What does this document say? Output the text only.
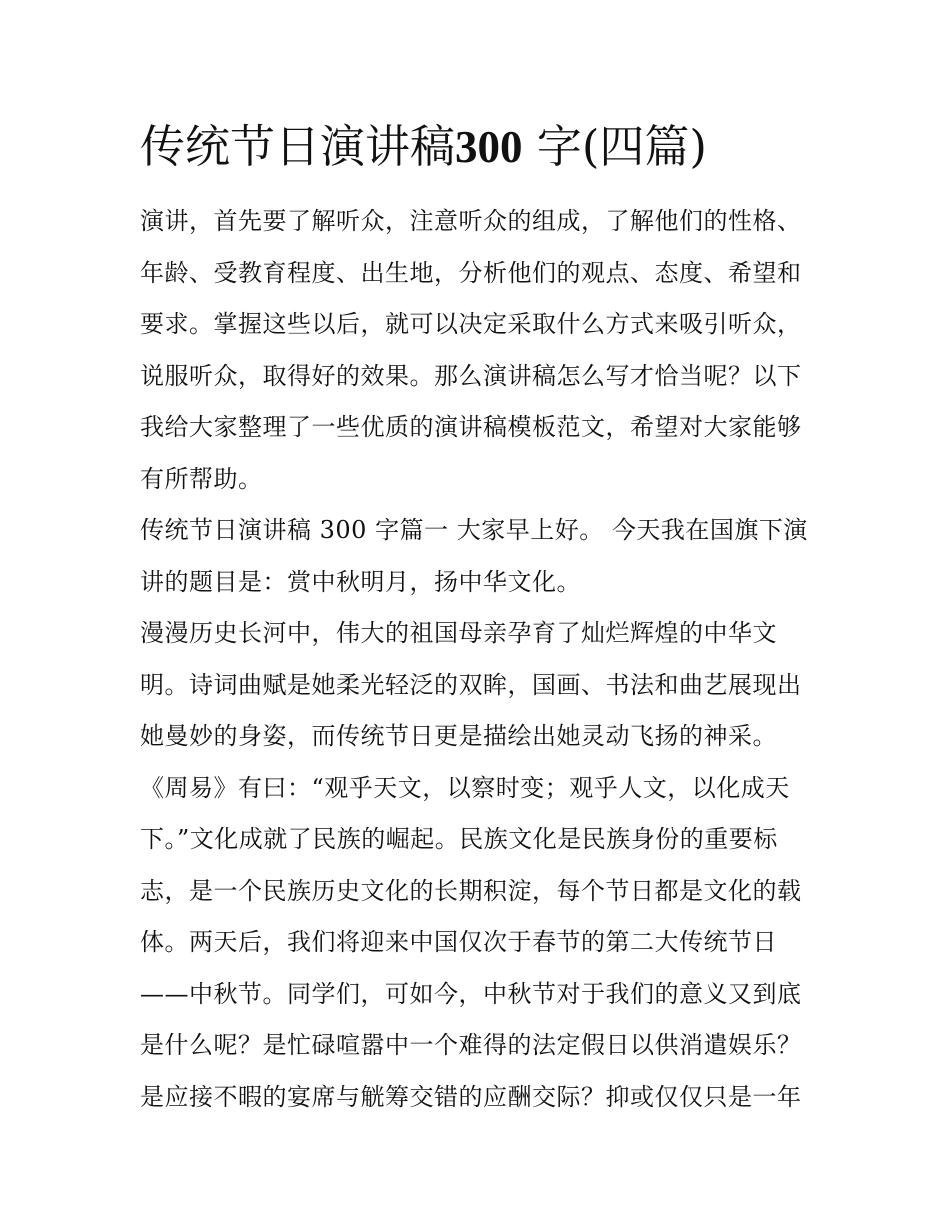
传统节日演讲稿300 字(四篇)
演讲，首先要了解听众，注意听众的组成，了解他们的性格、
年龄、受教育程度、出生地，分析他们的观点、态度、希望和
要求。掌握这些以后，就可以决定采取什么方式来吸引听众，
说服听众，取得好的效果。那么演讲稿怎么写才恰当呢？以下
我给大家整理了一些优质的演讲稿模板范文，希望对大家能够
有所帮助。
传统节日演讲稿 300 字篇一 大家早上好。 今天我在国旗下演
讲的题目是：赏中秋明月，扬中华文化。
漫漫历史长河中，伟大的祖国母亲孕育了灿烂辉煌的中华文
明。诗词曲赋是她柔光轻泛的双眸，国画、书法和曲艺展现出
她曼妙的身姿，而传统节日更是描绘出她灵动飞扬的神采。
《周易》有曰：“观乎天文，以察时变；观乎人文，以化成天
下。”文化成就了民族的崛起。民族文化是民族身份的重要标
志，是一个民族历史文化的长期积淀，每个节日都是文化的载
体。两天后，我们将迎来中国仅次于春节的第二大传统节日
——中秋节。同学们，可如今，中秋节对于我们的意义又到底
是什么呢？是忙碌喧嚣中一个难得的法定假日以供消遣娱乐？
是应接不暇的宴席与觥筹交错的应酬交际？抑或仅仅只是一年
